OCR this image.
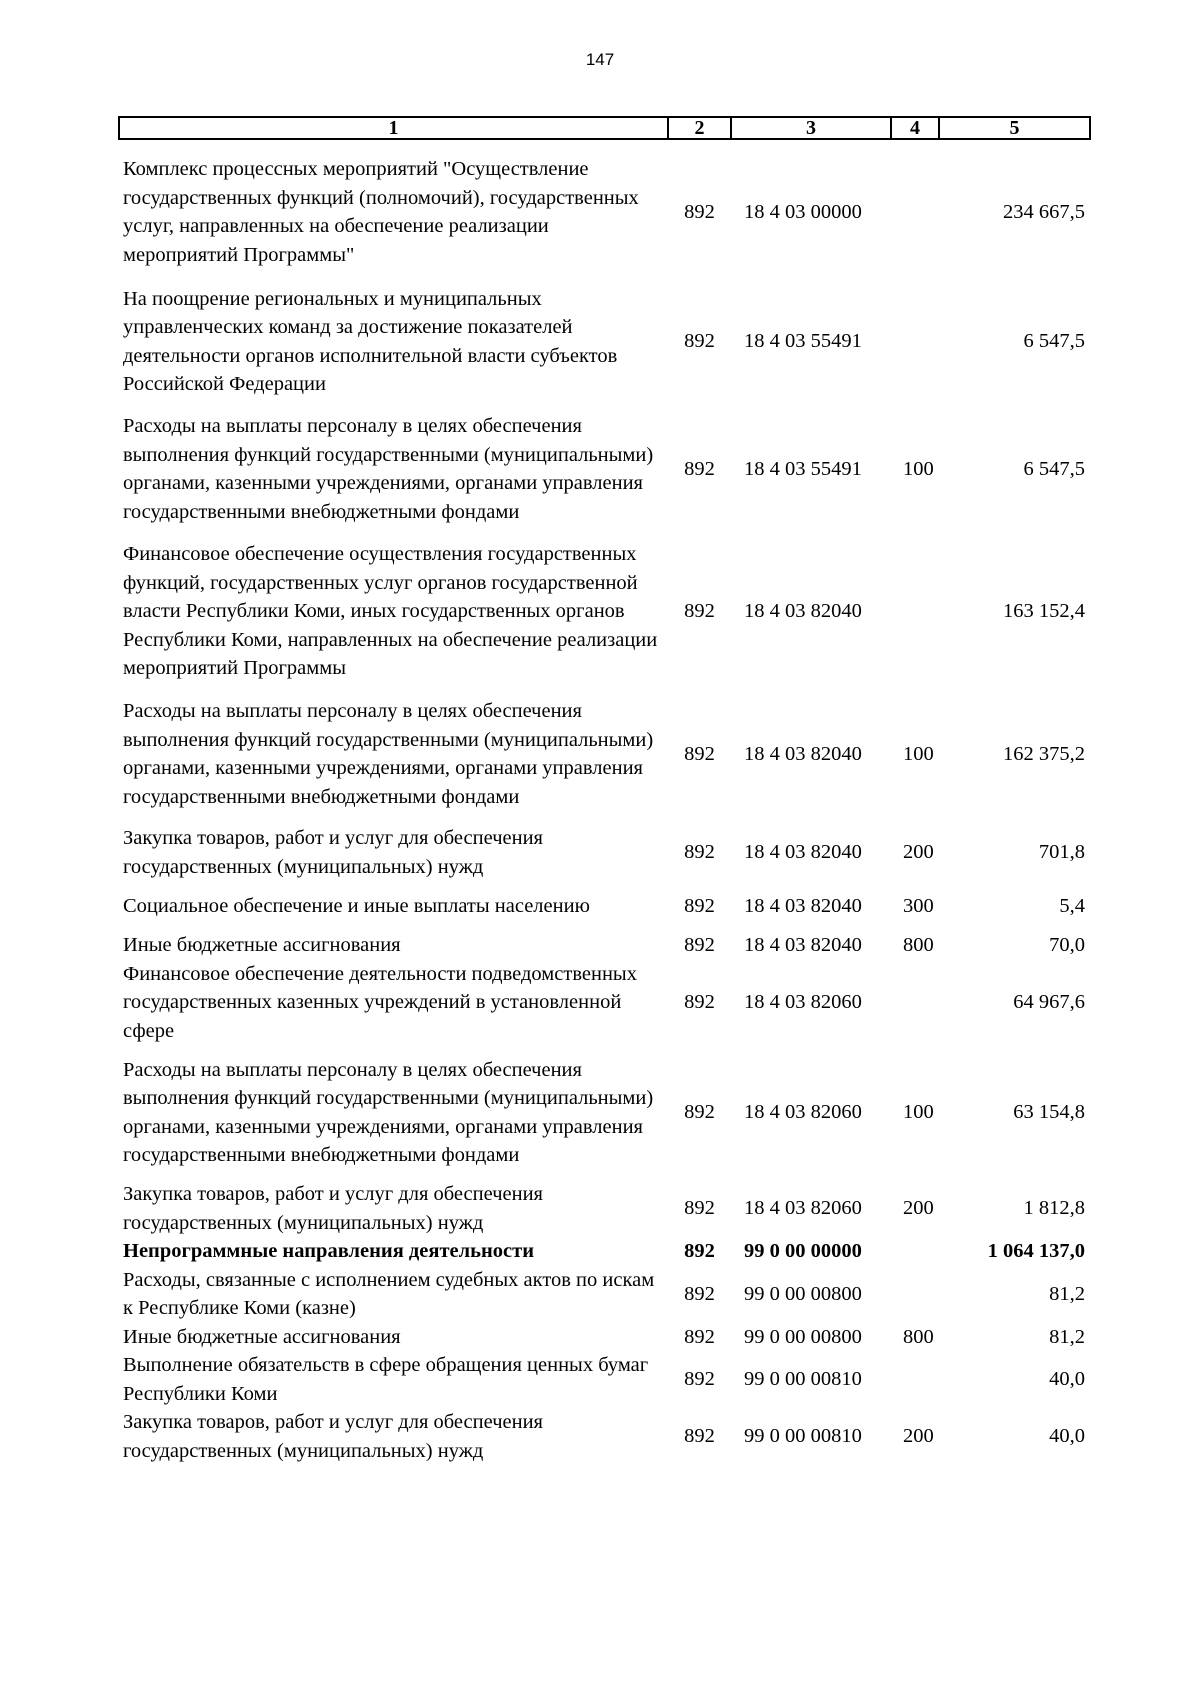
147
1	2	3	4	5
Комплекс процессных мероприятий "Осуществление государственных функций (полномочий), государственных услуг, направленных на обеспечение реализации мероприятий Программы"	892	18 4 03 00000		234 667,5
На поощрение региональных и муниципальных управленческих команд за достижение показателей деятельности органов исполнительной власти субъектов Российской Федерации	892	18 4 03 55491		6 547,5
Расходы на выплаты персоналу в целях обеспечения выполнения функций государственными (муниципальными) органами, казенными учреждениями, органами управления государственными внебюджетными фондами	892	18 4 03 55491	100	6 547,5
Финансовое обеспечение осуществления государственных функций, государственных услуг органов государственной власти Республики Коми, иных государственных органов Республики Коми, направленных на обеспечение реализации мероприятий Программы	892	18 4 03 82040		163 152,4
Расходы на выплаты персоналу в целях обеспечения выполнения функций государственными (муниципальными) органами, казенными учреждениями, органами управления государственными внебюджетными фондами	892	18 4 03 82040	100	162 375,2
Закупка товаров, работ и услуг для обеспечения государственных (муниципальных) нужд	892	18 4 03 82040	200	701,8
Социальное обеспечение и иные выплаты населению	892	18 4 03 82040	300	5,4
Иные бюджетные ассигнования	892	18 4 03 82040	800	70,0
Финансовое обеспечение деятельности подведомственных государственных казенных учреждений в установленной сфере	892	18 4 03 82060		64 967,6
Расходы на выплаты персоналу в целях обеспечения выполнения функций государственными (муниципальными) органами, казенными учреждениями, органами управления государственными внебюджетными фондами	892	18 4 03 82060	100	63 154,8
Закупка товаров, работ и услуг для обеспечения государственных (муниципальных) нужд	892	18 4 03 82060	200	1 812,8
Непрограммные направления деятельности	892	99 0 00 00000		1 064 137,0
Расходы, связанные с исполнением судебных актов по искам к Республике Коми (казне)	892	99 0 00 00800		81,2
Иные бюджетные ассигнования	892	99 0 00 00800	800	81,2
Выполнение обязательств в сфере обращения ценных бумаг Республики Коми	892	99 0 00 00810		40,0
Закупка товаров, работ и услуг для обеспечения государственных (муниципальных) нужд	892	99 0 00 00810	200	40,0
